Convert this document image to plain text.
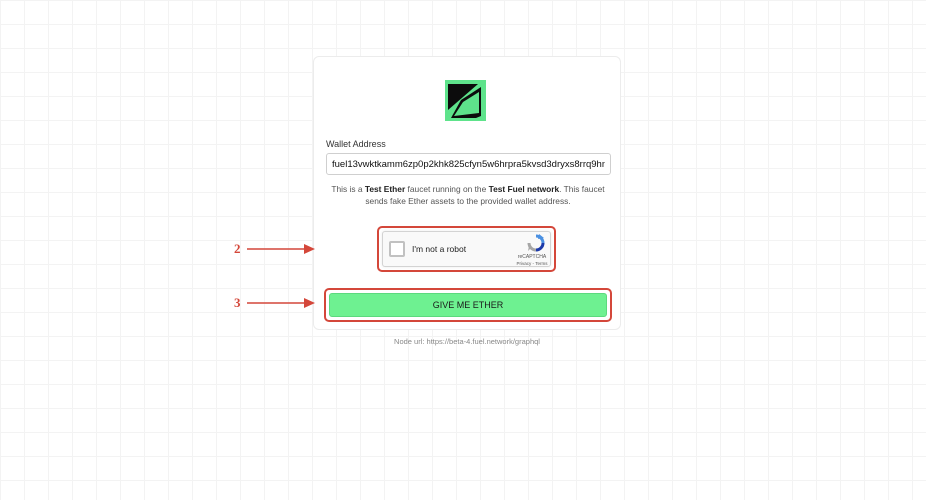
Wallet Address
fuel13vwktkamm6zp0p2khk825cfyn5w6hrpra5kvsd3dryxs8rrq9hns
This is a Test Ether faucet running on the Test Fuel network. This faucet sends fake Ether assets to the provided wallet address.
I'm not a robot
reCAPTCHA
Privacy - Terms
GIVE ME ETHER
Node url: https://beta-4.fuel.network/graphql
2
3
